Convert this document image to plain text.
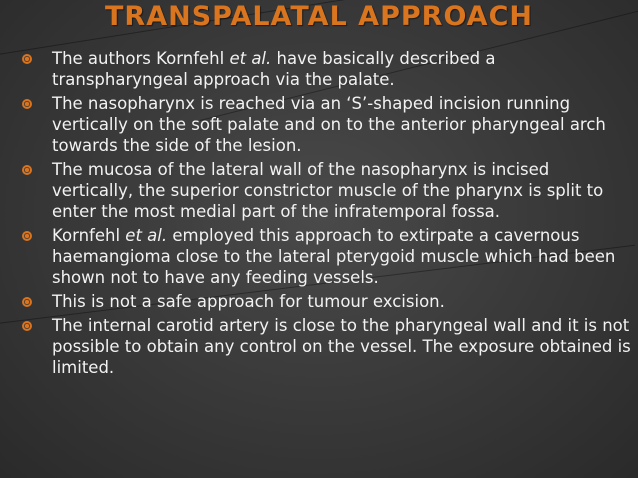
TRANSPALATAL APPROACH
The authors Kornfehl et al. have basically described a transpharyngeal approach via the palate.
The nasopharynx is reached via an ‘S’-shaped incision running vertically on the soft palate and on to the anterior pharyngeal arch towards the side of the lesion.
The mucosa of the lateral wall of the nasopharynx is incised vertically, the superior constrictor muscle of the pharynx is split to enter the most medial part of the infratemporal fossa.
Kornfehl et al. employed this approach to extirpate a cavernous haemangioma close to the lateral pterygoid muscle which had been shown not to have any feeding vessels.
This is not a safe approach for tumour excision.
The internal carotid artery is close to the pharyngeal wall and it is not possible to obtain any control on the vessel. The exposure obtained is limited.
